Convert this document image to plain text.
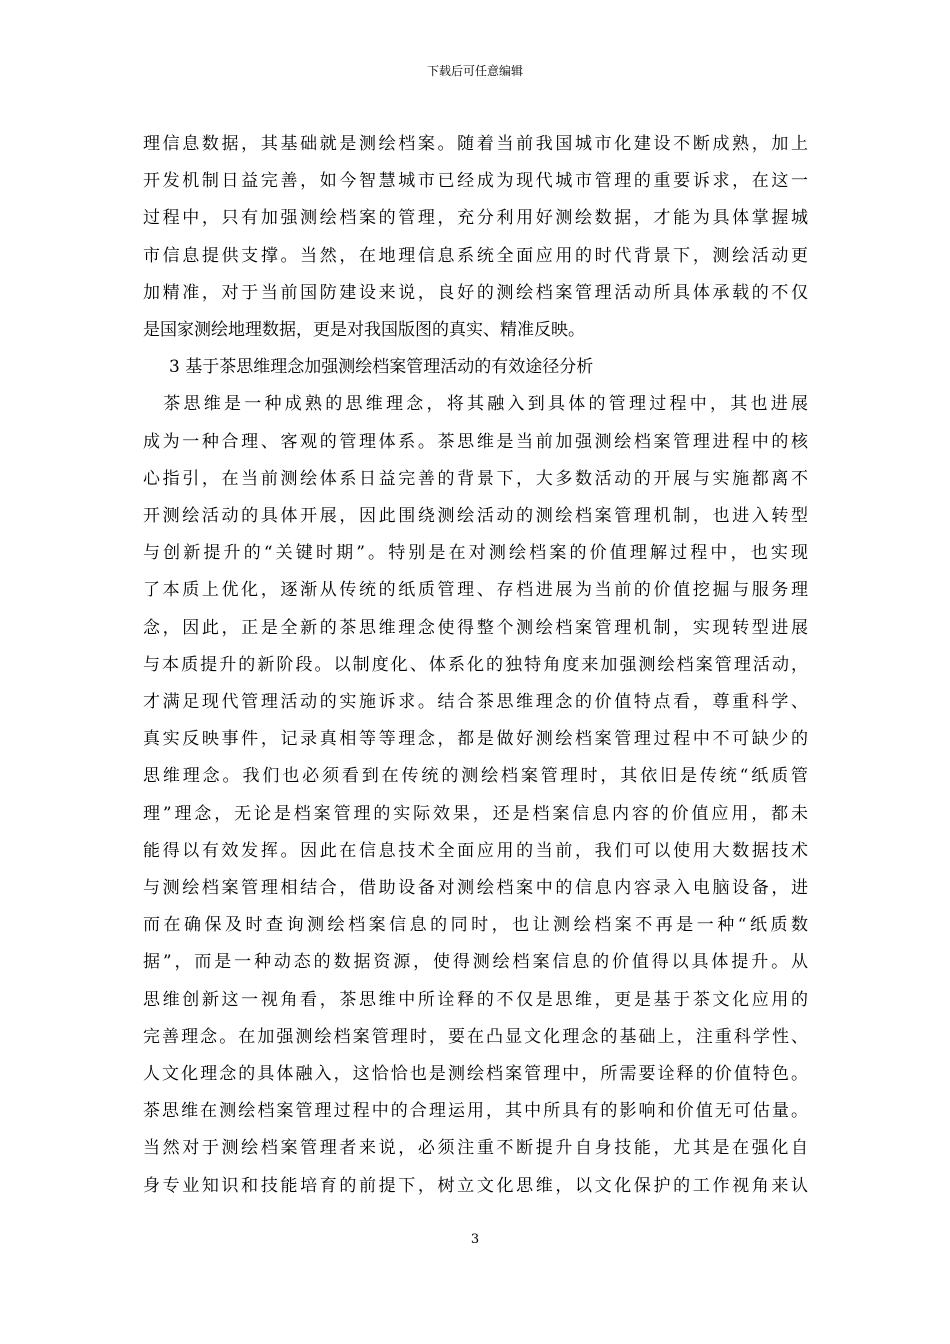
下载后可任意编辑

理信息数据，其基础就是测绘档案。随着当前我国城市化建设不断成熟，加上
开发机制日益完善，如今智慧城市已经成为现代城市管理的重要诉求，在这一
过程中，只有加强测绘档案的管理，充分利用好测绘数据，才能为具体掌握城
市信息提供支撑。当然，在地理信息系统全面应用的时代背景下，测绘活动更
加精准，对于当前国防建设来说，良好的测绘档案管理活动所具体承载的不仅
是国家测绘地理数据，更是对我国版图的真实、精准反映。

3 基于茶思维理念加强测绘档案管理活动的有效途径分析

　茶思维是一种成熟的思维理念，将其融入到具体的管理过程中，其也进展
成为一种合理、客观的管理体系。茶思维是当前加强测绘档案管理进程中的核
心指引，在当前测绘体系日益完善的背景下，大多数活动的开展与实施都离不
开测绘活动的具体开展，因此围绕测绘活动的测绘档案管理机制，也进入转型
与创新提升的“关键时期”。特别是在对测绘档案的价值理解过程中，也实现
了本质上优化，逐渐从传统的纸质管理、存档进展为当前的价值挖掘与服务理
念，因此，正是全新的茶思维理念使得整个测绘档案管理机制，实现转型进展
与本质提升的新阶段。以制度化、体系化的独特角度来加强测绘档案管理活动，
才满足现代管理活动的实施诉求。结合茶思维理念的价值特点看，尊重科学、
真实反映事件，记录真相等等理念，都是做好测绘档案管理过程中不可缺少的
思维理念。我们也必须看到在传统的测绘档案管理时，其依旧是传统“纸质管
理”理念，无论是档案管理的实际效果，还是档案信息内容的价值应用，都未
能得以有效发挥。因此在信息技术全面应用的当前，我们可以使用大数据技术
与测绘档案管理相结合，借助设备对测绘档案中的信息内容录入电脑设备，进
而在确保及时查询测绘档案信息的同时，也让测绘档案不再是一种“纸质数
据”，而是一种动态的数据资源，使得测绘档案信息的价值得以具体提升。从
思维创新这一视角看，茶思维中所诠释的不仅是思维，更是基于茶文化应用的
完善理念。在加强测绘档案管理时，要在凸显文化理念的基础上，注重科学性、
人文化理念的具体融入，这恰恰也是测绘档案管理中，所需要诠释的价值特色。
茶思维在测绘档案管理过程中的合理运用，其中所具有的影响和价值无可估量。
当然对于测绘档案管理者来说，必须注重不断提升自身技能，尤其是在强化自
身专业知识和技能培育的前提下，树立文化思维，以文化保护的工作视角来认

3
